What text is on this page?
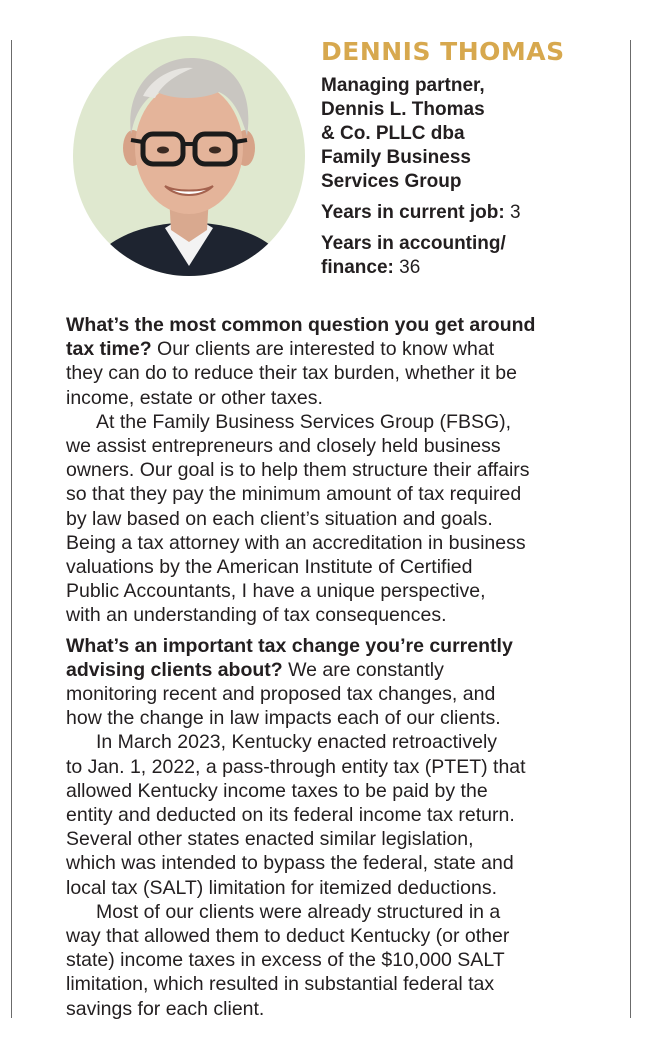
DENNIS THOMAS
Managing partner,
Dennis L. Thomas
& Co. PLLC dba
Family Business
Services Group
Years in current job: 3
Years in accounting/
finance: 36
What’s the most common question you get around
tax time? Our clients are interested to know what
they can do to reduce their tax burden, whether it be
income, estate or other taxes.
At the Family Business Services Group (FBSG),
we assist entrepreneurs and closely held business
owners. Our goal is to help them structure their affairs
so that they pay the minimum amount of tax required
by law based on each client’s situation and goals.
Being a tax attorney with an accreditation in business
valuations by the American Institute of Certified
Public Accountants, I have a unique perspective,
with an understanding of tax consequences.
What’s an important tax change you’re currently
advising clients about? We are constantly
monitoring recent and proposed tax changes, and
how the change in law impacts each of our clients.
In March 2023, Kentucky enacted retroactively
to Jan. 1, 2022, a pass-through entity tax (PTET) that
allowed Kentucky income taxes to be paid by the
entity and deducted on its federal income tax return.
Several other states enacted similar legislation,
which was intended to bypass the federal, state and
local tax (SALT) limitation for itemized deductions.
Most of our clients were already structured in a
way that allowed them to deduct Kentucky (or other
state) income taxes in excess of the $10,000 SALT
limitation, which resulted in substantial federal tax
savings for each client.
